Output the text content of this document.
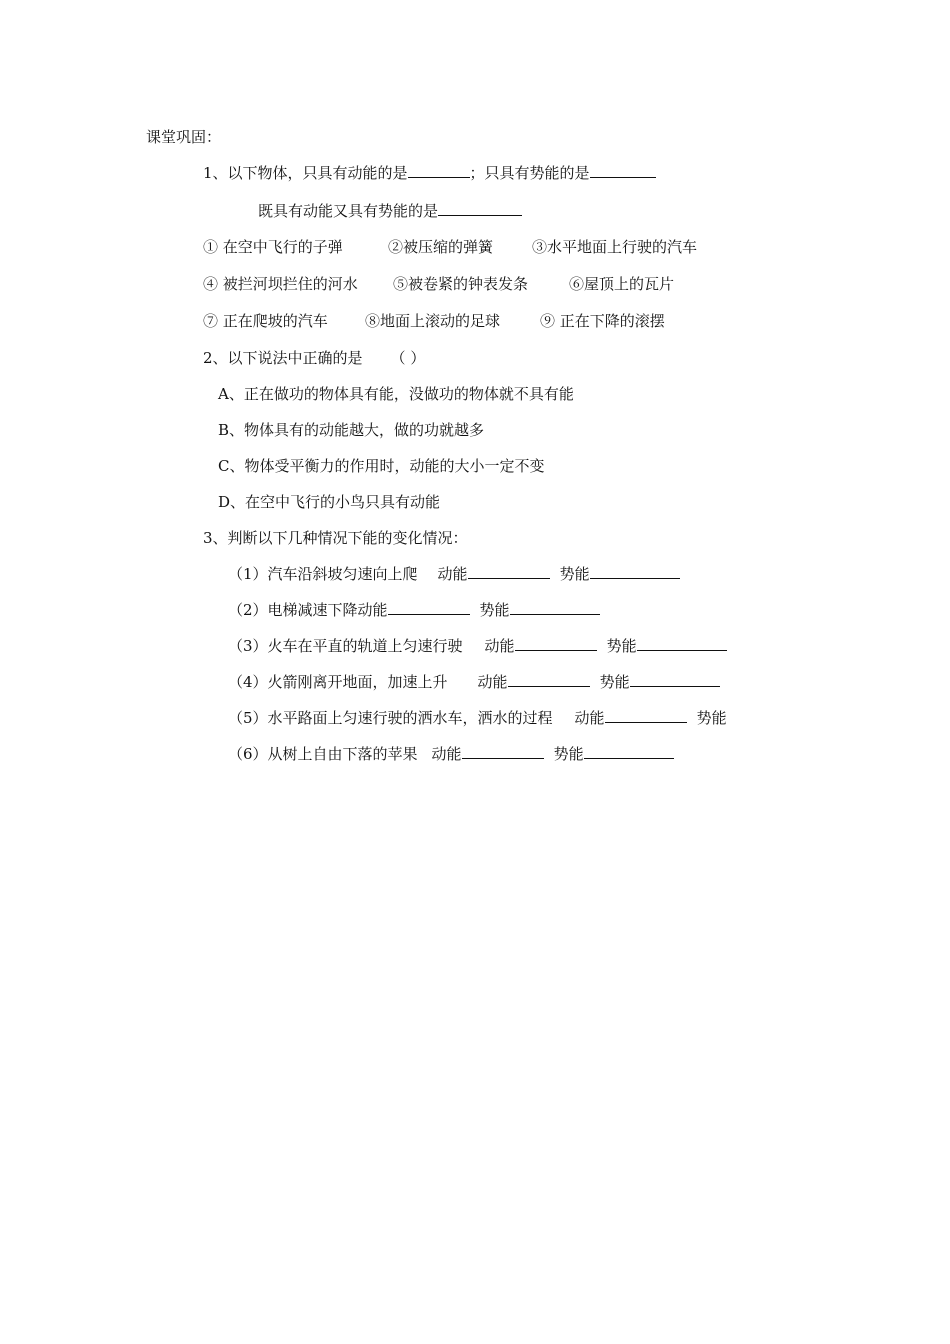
课堂巩固：
1、以下物体，只具有动能的是	；只具有势能的是
既具有动能又具有势能的是
① 在空中飞行的子弹	②被压缩的弹簧	③水平地面上行驶的汽车
④ 被拦河坝拦住的河水 ⑤被卷紧的钟表发条	⑥屋顶上的瓦片
⑦ 正在爬坡的汽车 ⑧地面上滚动的足球	⑨ 正在下降的滚摆
2、以下说法中正确的是 （ ）
A、正在做功的物体具有能，没做功的物体就不具有能
B、物体具有的动能越大，做的功就越多
C、物体受平衡力的作用时，动能的大小一定不变
D、在空中飞行的小鸟只具有动能
3、判断以下几种情况下能的变化情况：
（1）汽车沿斜坡匀速向上爬 动能	势能
（2）电梯减速下降动能	势能
（3）火车在平直的轨道上匀速行驶 动能	势能
（4）火箭刚离开地面，加速上升 动能	势能
（5）水平路面上匀速行驶的洒水车，洒水的过程 动能	势能
（6）从树上自由下落的苹果 动能	势能
